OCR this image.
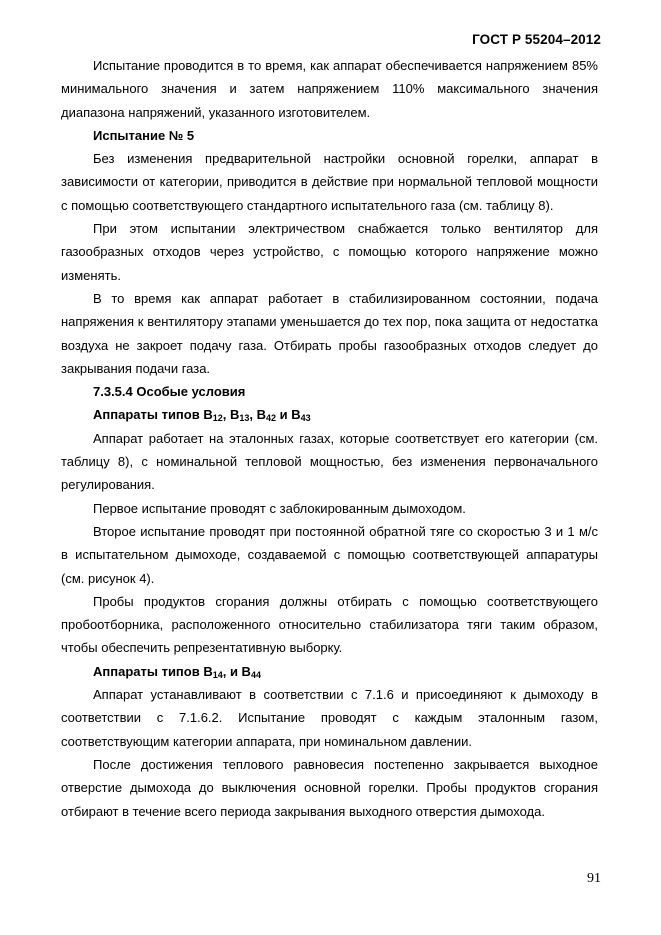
ГОСТ Р 55204–2012

Испытание проводится в то время, как аппарат обеспечивается напряжением 85% минимального значения и затем напряжением 110% максимального значения диапазона напряжений, указанного изготовителем.

Испытание № 5

Без изменения предварительной настройки основной горелки, аппарат в зависимости от категории, приводится в действие при нормальной тепловой мощности с помощью соответствующего стандартного испытательного газа (см. таблицу 8).

При этом испытании электричеством снабжается только вентилятор для газообразных отходов через устройство, с помощью которого напряжение можно изменять.

В то время как аппарат работает в стабилизированном состоянии, подача напряжения к вентилятору этапами уменьшается до тех пор, пока защита от недостатка воздуха не закроет подачу газа. Отбирать пробы газообразных отходов следует до закрывания подачи газа.

7.3.5.4 Особые условия

Аппараты типов $В_{12}$, $В_{13}$, $В_{42}$ и $В_{43}$

Аппарат работает на эталонных газах, которые соответствует его категории (см. таблицу 8), с номинальной тепловой мощностью, без изменения первоначального регулирования.

Первое испытание проводят с заблокированным дымоходом.

Второе испытание проводят при постоянной обратной тяге со скоростью 3 и 1 м/с в испытательном дымоходе, создаваемой с помощью соответствующей аппаратуры (см. рисунок 4).

Пробы продуктов сгорания должны отбирать с помощью соответствующего пробоотборника, расположенного относительно стабилизатора тяги таким образом, чтобы обеспечить репрезентативную выборку.

Аппараты типов $В_{14}$, и $В_{44}$

Аппарат устанавливают в соответствии с 7.1.6 и присоединяют к дымоходу в соответствии с 7.1.6.2. Испытание проводят с каждым эталонным газом, соответствующим категории аппарата, при номинальном давлении.

После достижения теплового равновесия постепенно закрывается выходное отверстие дымохода до выключения основной горелки. Пробы продуктов сгорания отбирают в течение всего периода закрывания выходного отверстия дымохода.

91
